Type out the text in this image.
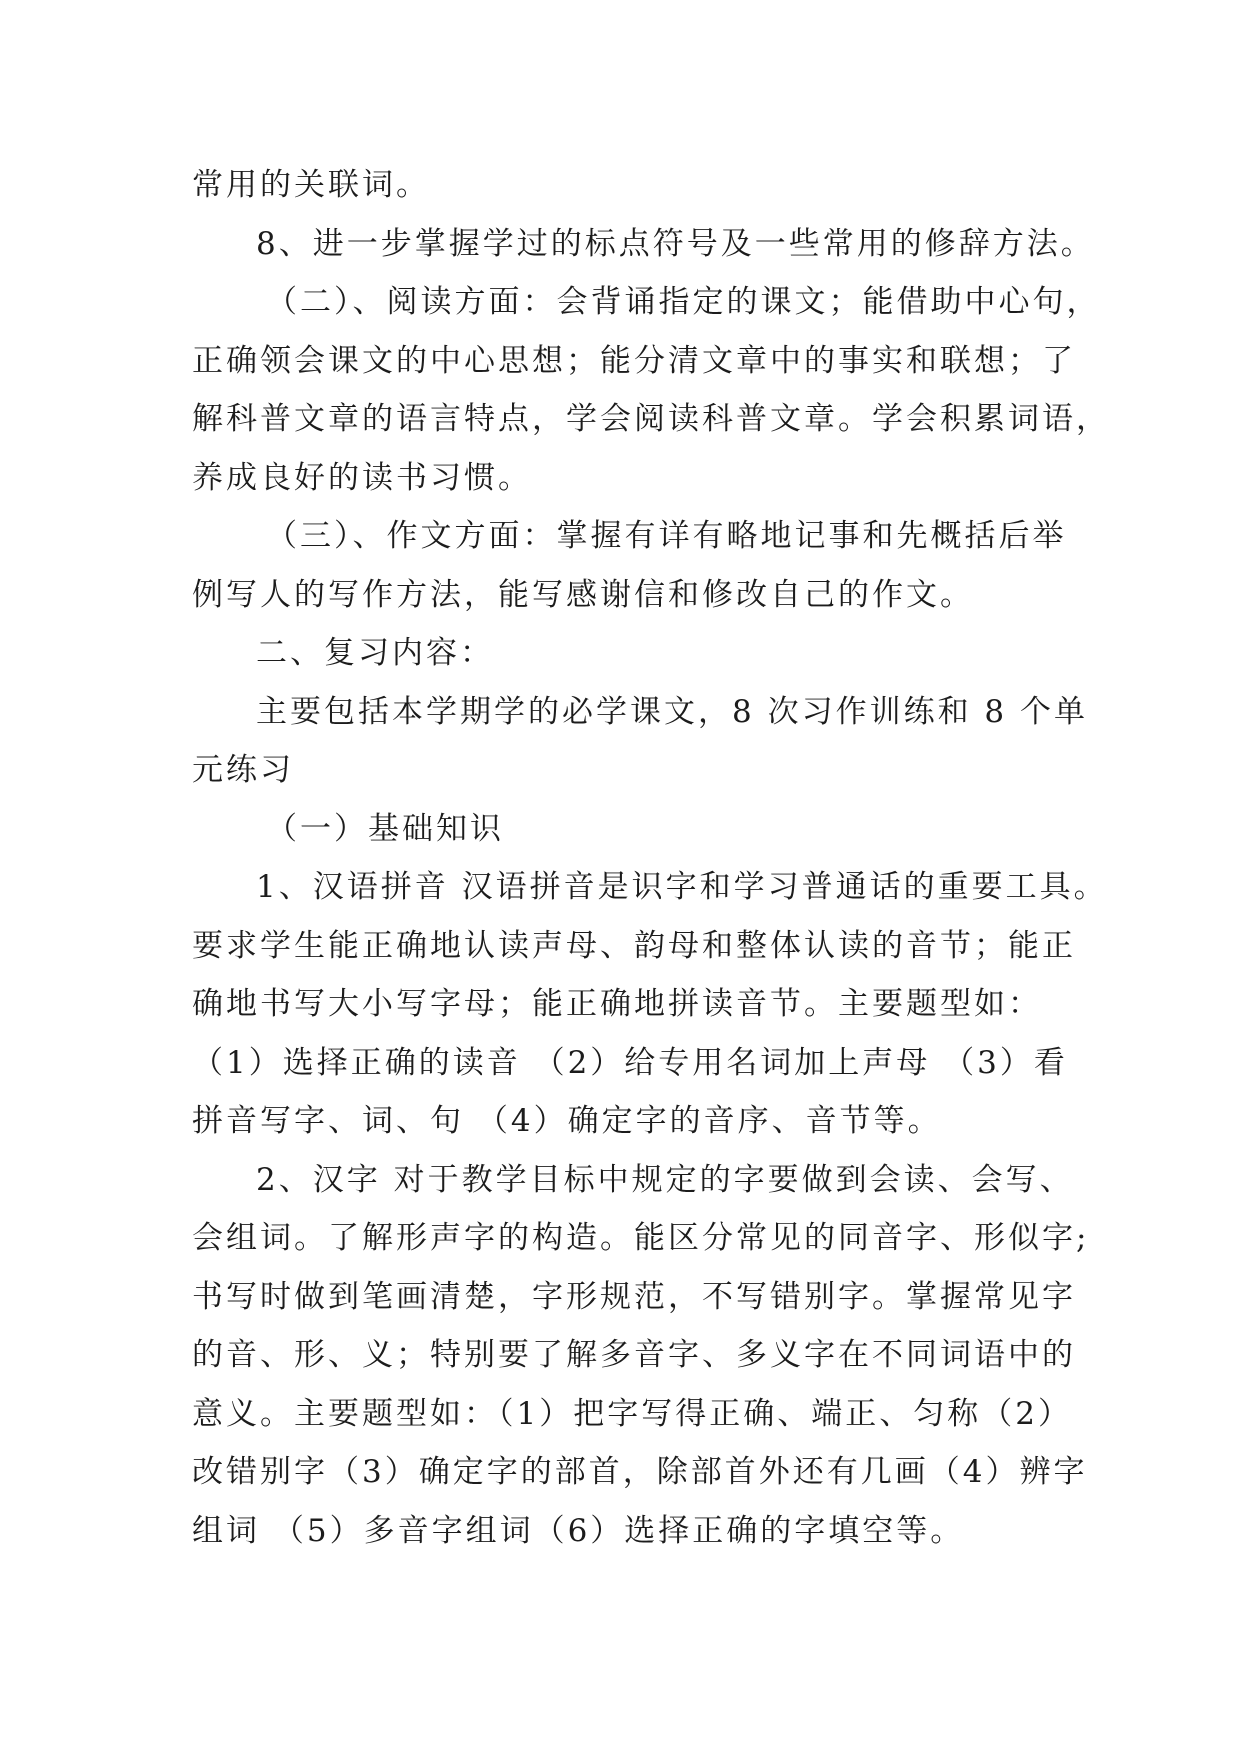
常用的关联词。
8、进一步掌握学过的标点符号及一些常用的修辞方法。
（二）、阅读方面：会背诵指定的课文；能借助中心句，
正确领会课文的中心思想；能分清文章中的事实和联想；了
解科普文章的语言特点，学会阅读科普文章。学会积累词语，
养成良好的读书习惯。
（三）、作文方面：掌握有详有略地记事和先概括后举
例写人的写作方法，能写感谢信和修改自己的作文。
二、复习内容：
主要包括本学期学的必学课文，8 次习作训练和 8 个单
元练习
（一）基础知识
1、汉语拼音 汉语拼音是识字和学习普通话的重要工具。
要求学生能正确地认读声母、韵母和整体认读的音节；能正
确地书写大小写字母；能正确地拼读音节。主要题型如：
（1）选择正确的读音 （2）给专用名词加上声母 （3）看
拼音写字、词、句 （4）确定字的音序、音节等。
2、汉字 对于教学目标中规定的字要做到会读、会写、
会组词。了解形声字的构造。能区分常见的同音字、形似字;
书写时做到笔画清楚，字形规范，不写错别字。掌握常见字
的音、形、义；特别要了解多音字、多义字在不同词语中的
意义。主要题型如：（1）把字写得正确、端正、匀称（2）
改错别字（3）确定字的部首，除部首外还有几画（4）辨字
组词 （5）多音字组词（6）选择正确的字填空等。
